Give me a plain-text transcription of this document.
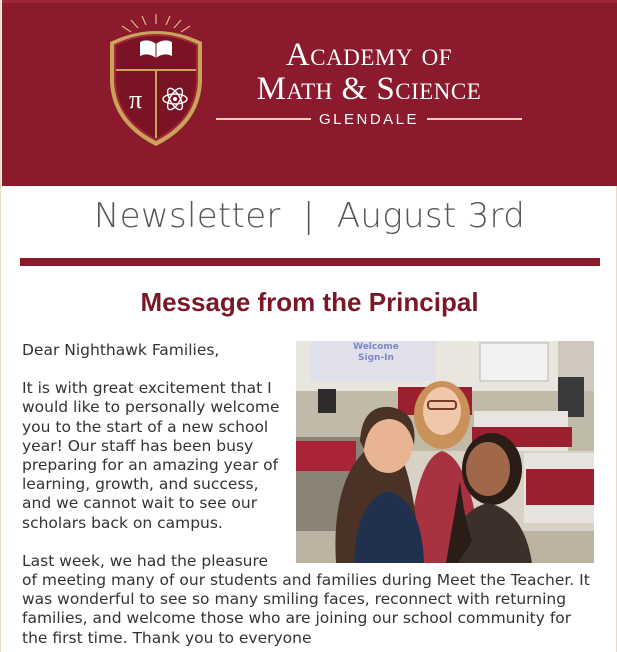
π
Academy of
Math & Science
GLENDALE
Newsletter  |  August 3rd
Message from the Principal
Welcome
Sign-In

Dear Nighthawk Families,

It is with great excitement that I would like to personally welcome you to the start of a new school year! Our staff has been busy preparing for an amazing year of learning, growth, and success, and we cannot wait to see our scholars back on campus.

Last week, we had the pleasure of meeting many of our students and families during Meet the Teacher. It was wonderful to see so many smiling faces, reconnect with returning families, and welcome those who are joining our school community for the first time. Thank you to everyone
